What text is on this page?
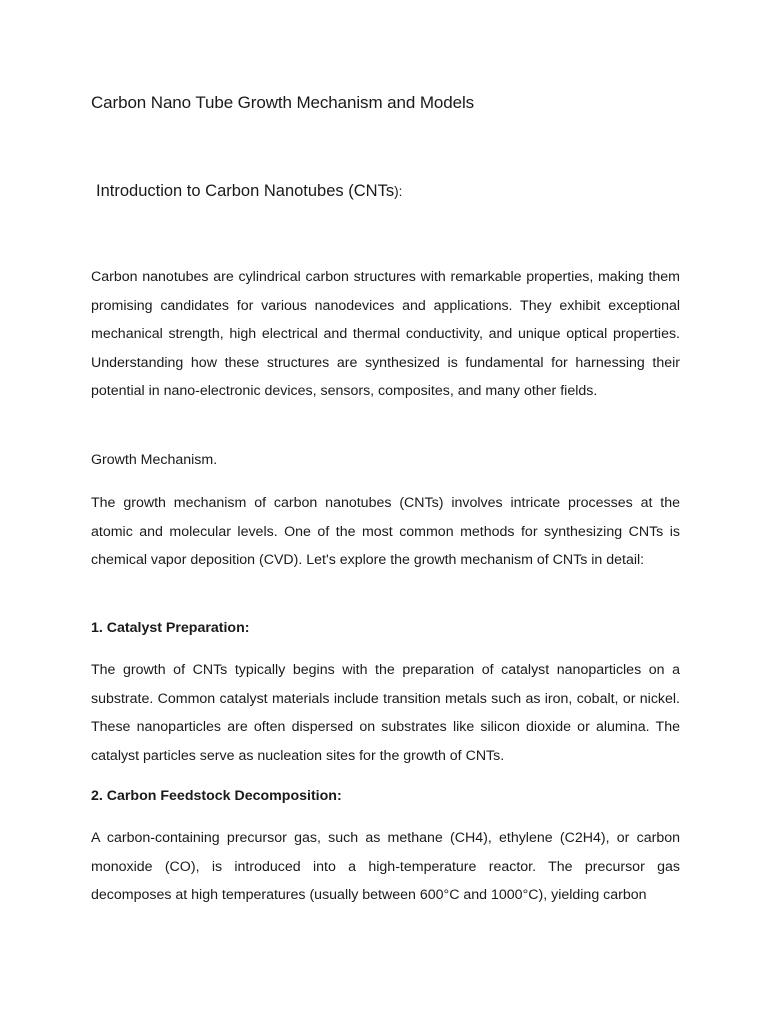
Carbon Nano Tube Growth Mechanism and Models
Introduction to Carbon Nanotubes (CNTs):

Carbon nanotubes are cylindrical carbon structures with remarkable properties, making them promising candidates for various nanodevices and applications. They exhibit exceptional mechanical strength, high electrical and thermal conductivity, and unique optical properties. Understanding how these structures are synthesized is fundamental for harnessing their potential in nano-electronic devices, sensors, composites, and many other fields.

Growth Mechanism.

The growth mechanism of carbon nanotubes (CNTs) involves intricate processes at the atomic and molecular levels. One of the most common methods for synthesizing CNTs is chemical vapor deposition (CVD). Let's explore the growth mechanism of CNTs in detail:

1. Catalyst Preparation:

The growth of CNTs typically begins with the preparation of catalyst nanoparticles on a substrate. Common catalyst materials include transition metals such as iron, cobalt, or nickel. These nanoparticles are often dispersed on substrates like silicon dioxide or alumina. The catalyst particles serve as nucleation sites for the growth of CNTs.

2. Carbon Feedstock Decomposition:

A carbon-containing precursor gas, such as methane (CH4), ethylene (C2H4), or carbon monoxide (CO), is introduced into a high-temperature reactor. The precursor gas decomposes at high temperatures (usually between 600°C and 1000°C), yielding carbon
